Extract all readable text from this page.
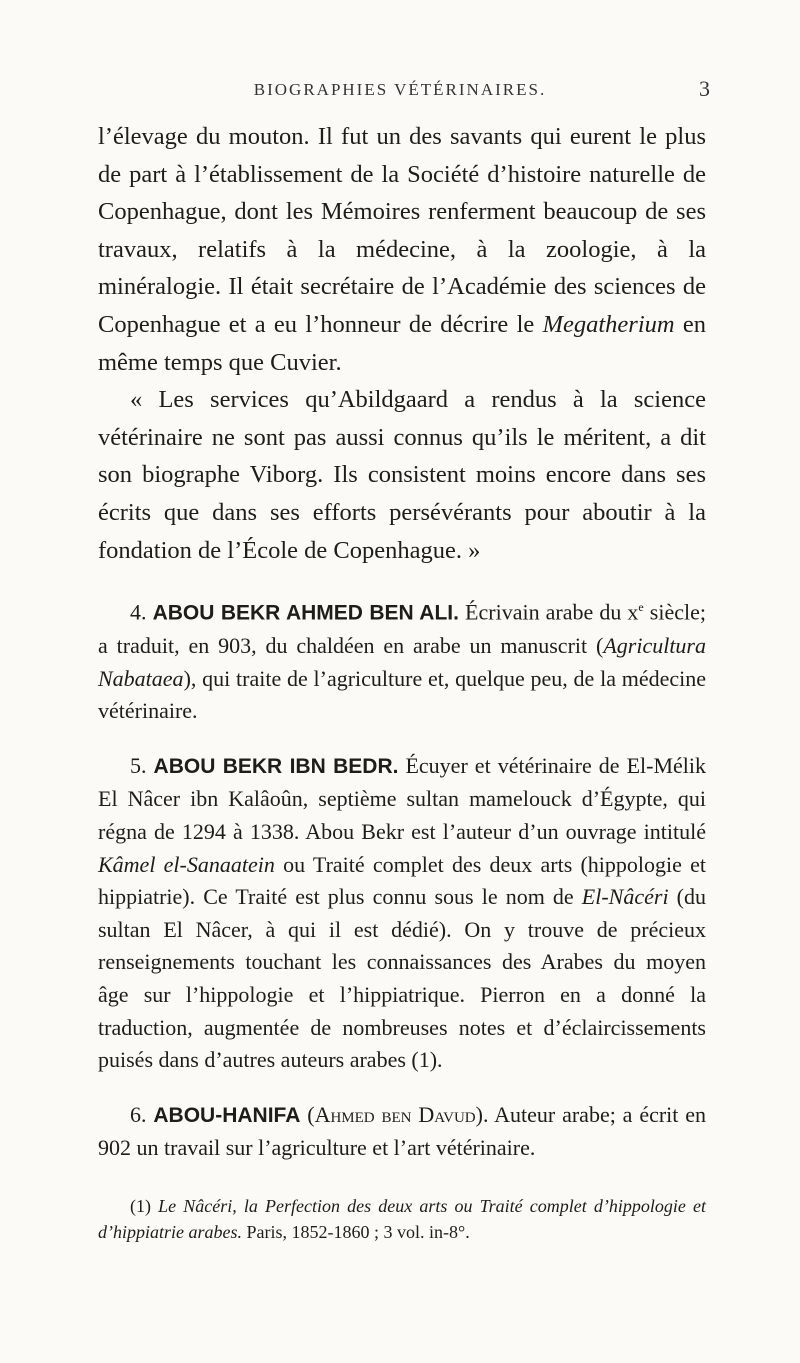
BIOGRAPHIES VÉTÉRINAIRES.	3

l’élevage du mouton. Il fut un des savants qui eurent le plus de part à l’établissement de la Société d’histoire naturelle de Copenhague, dont les Mémoires renferment beaucoup de ses travaux, relatifs à la médecine, à la zoologie, à la minéralogie. Il était secrétaire de l’Académie des sciences de Copenhague et a eu l’honneur de décrire le Megatherium en même temps que Cuvier.

« Les services qu’Abildgaard a rendus à la science vétérinaire ne sont pas aussi connus qu’ils le méritent, a dit son biographe Viborg. Ils consistent moins encore dans ses écrits que dans ses efforts persévérants pour aboutir à la fondation de l’École de Copenhague. »

4. ABOU BEKR AHMED BEN ALI. Écrivain arabe du $x^e$ siècle; a traduit, en 903, du chaldéen en arabe un manuscrit (Agricultura Nabataea), qui traite de l’agriculture et, quelque peu, de la médecine vétérinaire.

5. ABOU BEKR IBN BEDR. Écuyer et vétérinaire de El-Mélik El Nâcer ibn Kalâoûn, septième sultan mamelouck d’Égypte, qui régna de 1294 à 1338. Abou Bekr est l’auteur d’un ouvrage intitulé Kâmel el-Sanaatein ou Traité complet des deux arts (hippologie et hippiatrie). Ce Traité est plus connu sous le nom de El-Nâcéri (du sultan El Nâcer, à qui il est dédié). On y trouve de précieux renseignements touchant les connaissances des Arabes du moyen âge sur l’hippologie et l’hippiatrique. Pierron en a donné la traduction, augmentée de nombreuses notes et d’éclaircissements puisés dans d’autres auteurs arabes (1).

6. ABOU-HANIFA (Ahmed ben Davud). Auteur arabe; a écrit en 902 un travail sur l’agriculture et l’art vétérinaire.

(1) Le Nâcéri, la Perfection des deux arts ou Traité complet d’hippologie et d’hippiatrie arabes. Paris, 1852-1860 ; 3 vol. in-8°.
